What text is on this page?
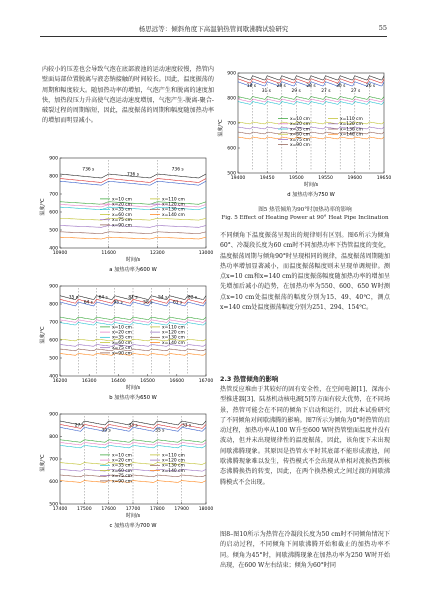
杨思远等：倾斜角度下高温钠热管间歇沸腾试验研究	55

内较小的压差也会导致气泡在底部液池的运动速度较慢，热管内壁面局部位置脱离与液态钠接触的时间较长。因此，温度振荡的周期和幅度较大。随加热功率的增加，气泡产生和脱离的速度加快，加热段压力升高使气泡运动速度增加，气泡产生-脱离-聚合-破裂过程的周期缩短，因此，温度振荡的周期和幅度随加热功率的增加而明显减小。

图5 热管倾角为90°时加热功率的影响
Fig. 5 Effect of Heating Power at 90° Heat Pipe Inclination

不同倾角下温度振荡呈现出的规律则有区别。图6所示为倾角60°、冷凝段长度为60 cm时不同加热功率下热管温度的变化，温度振荡周期与倾角90°时呈现相同的规律，温度振荡周期随加热功率增加显著减小，而温度振荡幅度则未呈现单调规律。测点x=10 cm和x=140 cm的温度振荡幅度随加热功率的增加呈先增加后减小的趋势，在加热功率为550、600、650 W时测点x=10 cm处温度振荡的幅度分别为15、49、40℃，测点x=140 cm处温度振荡幅度分别为251、294、154℃。

2.3 热管倾角的影响

热管反应堆由于其较好的固有安全性，在空间电源[1]、深海小型推进器[3]、陆基机动核电源[5]等方面有较大优势，在不同场景，热管可能会在不同的倾角下启动和运行，因此本试验研究了不同倾角对间歇沸腾的影响。图7所示为倾角为0°时热管的启动过程，加热功率从100 W升至600 W时热管壁面温度并没有波动，但并未出现规律性的温度振荡，因此，该角度下未出现间歇沸腾现象。其原因是热管水平时其底部不能形成液池，间歇沸腾现象难以发生，传热模式不会出现从单相对流换热到核态沸腾换热的转变，因此，在两个换热模式之间过渡的间歇沸腾模式不会出现。

图8–图10所示为热管在冷凝段长度为50 cm时不同倾角情况下的启动过程，不同倾角下间歇沸腾开始和截止的加热功率不同。倾角为45°时，间歇沸腾现象在加热功率为250 W时开始出现，在600 W左右结束；倾角为60°时同

400
500
600
700
800
900
10900	11600	12300	13000
x=10 cm
x=20 cm
x=35 cm
x=60 cm
x=75 cm
x=90 cm
x=110 cm
x=120 cm
x=130 cm
x=140 cm
736 s
736 s
736 s
温度/℃
时间/s
a 加热功率为600 W
400
500
600
700
800
900
16200	16300	16400	16500	16600	16700
x=10 cm
x=20 cm
x=35 cm
x=60 cm
x=75 cm
x=90 cm
x=110 cm
x=120 cm
x=130 cm
x=140 cm
35 s
64 s
64 s
95 s
81 s
58 s
54 s
61 s
82 s
温度/℃
时间/s
b 加热功率为650 W
500
600
700
800
900
17400 17500 17600 17700 17800 17900 18000
x=10 cm
x=20 cm
x=35 cm
x=60 cm
x=75 cm
x=90 cm
x=110 cm
x=120 cm
x=130 cm
x=140 cm
27 s
30 s
33 s
35 s
33 s
温度/℃
时间/s
c 加热功率为700 W
500
600
700
800
900
19400	19450	19500	19550	19600	19650
x=10 cm
x=20 cm
x=35 cm
x=60 cm
x=75 cm
x=90 cm
x=110 cm
x=120 cm
x=130 cm
x=140 cm
18 s
31 s
28 s
29 s
28 s
27 s
30 s
27 s
26 s
温度/℃
时间/s
d 加热功率为750 W
